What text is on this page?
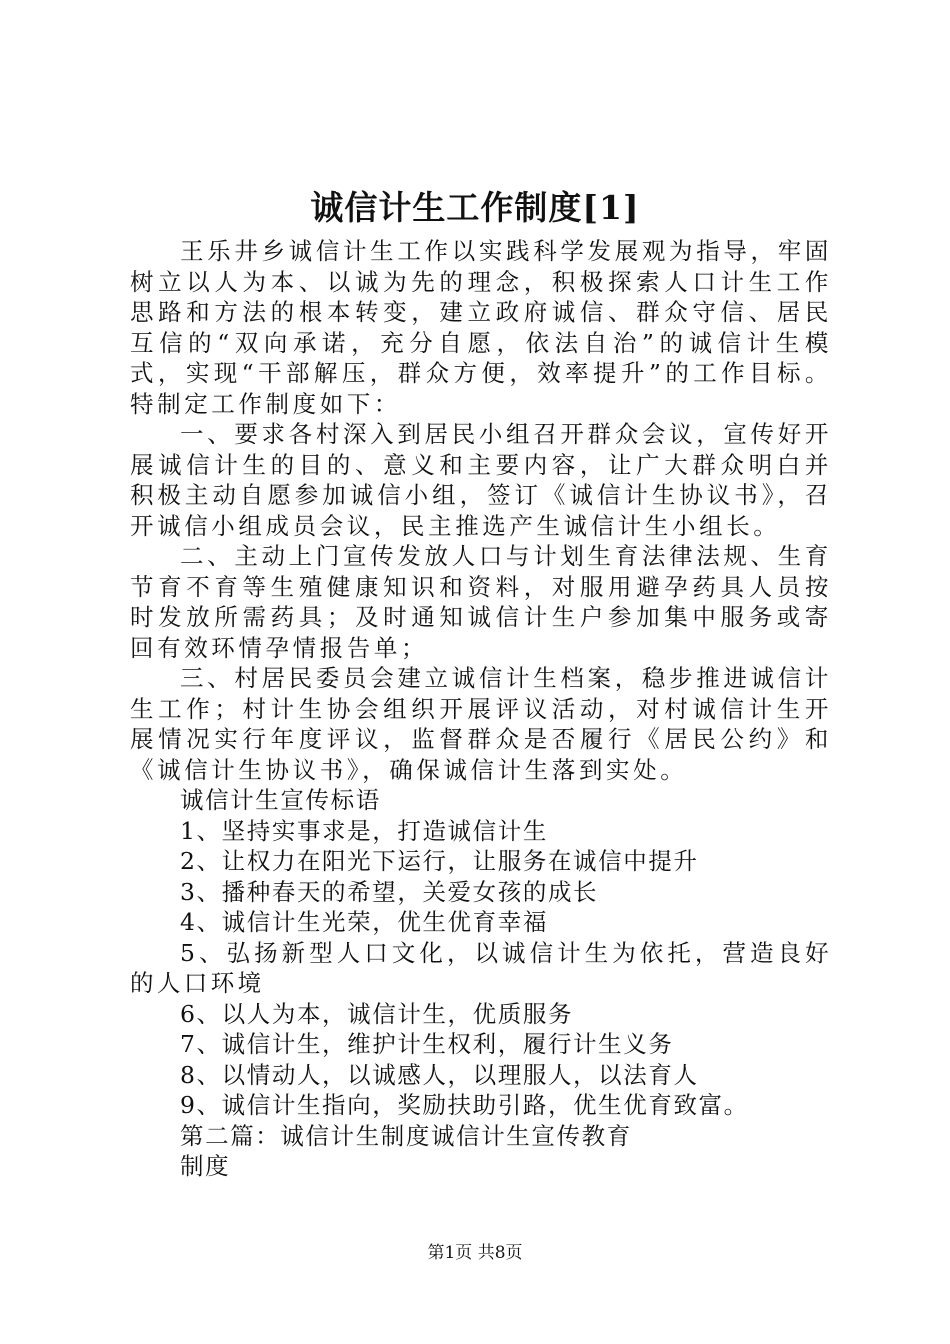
诚信计生工作制度[1]

王乐井乡诚信计生工作以实践科学发展观为指导，牢固树立以人为本、以诚为先的理念，积极探索人口计生工作思路和方法的根本转变，建立政府诚信、群众守信、居民互信的“双向承诺，充分自愿，依法自治”的诚信计生模式，实现“干部解压，群众方便，效率提升”的工作目标。特制定工作制度如下：

一、要求各村深入到居民小组召开群众会议，宣传好开展诚信计生的目的、意义和主要内容，让广大群众明白并积极主动自愿参加诚信小组，签订《诚信计生协议书》，召开诚信小组成员会议，民主推选产生诚信计生小组长。

二、主动上门宣传发放人口与计划生育法律法规、生育节育不育等生殖健康知识和资料，对服用避孕药具人员按时发放所需药具；及时通知诚信计生户参加集中服务或寄回有效环情孕情报告单；

三、村居民委员会建立诚信计生档案，稳步推进诚信计生工作；村计生协会组织开展评议活动，对村诚信计生开展情况实行年度评议，监督群众是否履行《居民公约》和《诚信计生协议书》，确保诚信计生落到实处。

诚信计生宣传标语

1、坚持实事求是，打造诚信计生

2、让权力在阳光下运行，让服务在诚信中提升

3、播种春天的希望，关爱女孩的成长

4、诚信计生光荣，优生优育幸福

5、弘扬新型人口文化，以诚信计生为依托，营造良好的人口环境

6、以人为本，诚信计生，优质服务

7、诚信计生，维护计生权利，履行计生义务

8、以情动人，以诚感人，以理服人，以法育人

9、诚信计生指向，奖励扶助引路，优生优育致富。

第二篇：诚信计生制度诚信计生宣传教育

制度

第1页 共8页
